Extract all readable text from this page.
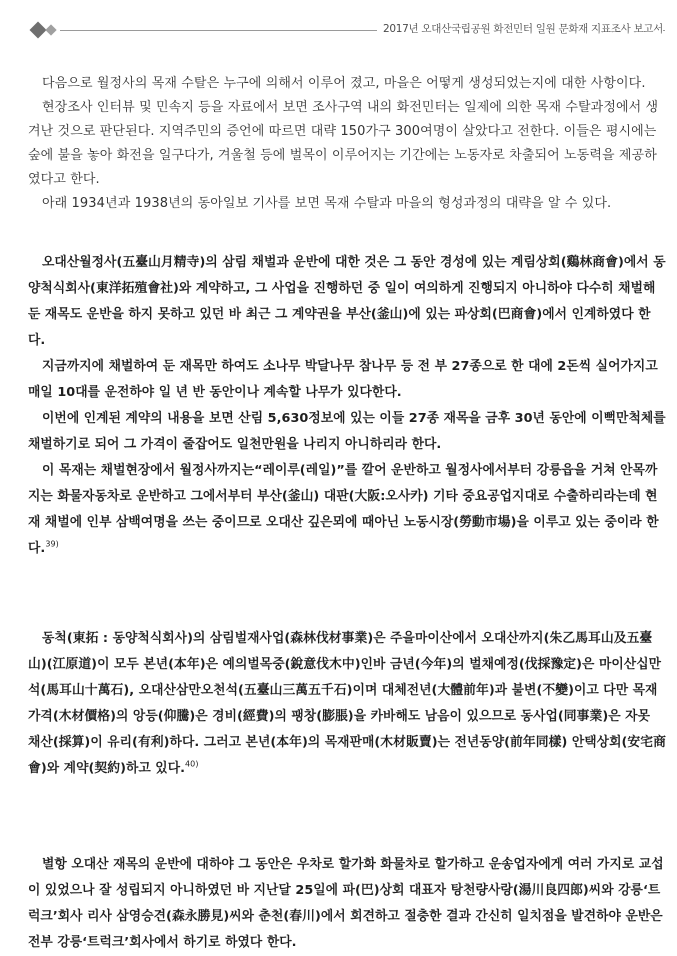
2017년 오대산국립공원 화전민터 일원 문화재 지표조사 보고서

다음으로 월정사의 목재 수탈은 누구에 의해서 이루어 졌고, 마을은 어떻게 생성되었는지에 대한 사항이다.

현장조사 인터뷰 및 민속지 등을 자료에서 보면 조사구역 내의 화전민터는 일제에 의한 목재 수탈과정에서 생겨난 것으로 판단된다. 지역주민의 증언에 따르면 대략 150가구 300여명이 살았다고 전한다. 이들은 평시에는 숲에 불을 놓아 화전을 일구다가, 겨울철 등에 벌목이 이루어지는 기간에는 노동자로 차출되어 노동력을 제공하였다고 한다.

아래 1934년과 1938년의 동아일보 기사를 보면 목재 수탈과 마을의 형성과정의 대략을 알 수 있다.

오대산월정사(五臺山月精寺)의 삼림 채벌과 운반에 대한 것은 그 동안 경성에 있는 계림상회(鷄林商會)에서 동양척식회사(東洋拓殖會社)와 계약하고, 그 사업을 진행하던 중 일이 여의하게 진행되지 아니하야 다수히 채벌해 둔 재목도 운반을 하지 못하고 있던 바 최근 그 계약권을 부산(釜山)에 있는 파상회(巴商會)에서 인계하였다 한다.

지금까지에 채벌하여 둔 재목만 하여도 소나무 박달나무 참나무 등 전 부 27종으로 한 대에 2돈씩 실어가지고 매일 10대를 운전하야 일 년 반 동안이나 계속할 나무가 있다한다.

이번에 인계된 계약의 내용을 보면 산림 5,630정보에 있는 이들 27종 재목을 금후 30년 동안에 이뻑만척체를 채벌하기로 되어 그 가격이 줄잡어도 일천만원을 나리지 아니하리라 한다.

이 목재는 채벌현장에서 월정사까지는“레이루(레일)”를 깔어 운반하고 월정사에서부터 강릉읍을 거쳐 안목까지는 화물자동차로 운반하고 그에서부터 부산(釜山) 대판(大阪:오사카) 기타 중요공업지대로 수출하리라는데 현재 채벌에 인부 삼백여명을 쓰는 중이므로 오대산 깊은뫼에 때아닌 노동시장(勞動市場)을 이루고 있는 중이라 한다.$^{39)}$

동척(東拓 : 동양척식회사)의 삼림벌재사업(森林伐材事業)은 주을마이산에서 오대산까지(朱乙馬耳山及五臺山)(江原道)이 모두 본년(本年)은 예의벌목중(銳意伐木中)인바 금년(今年)의 벌채예정(伐採豫定)은 마이산십만석(馬耳山十萬石), 오대산삼만오천석(五臺山三萬五千石)이며 대체전년(大體前年)과 불변(不變)이고 다만 목재가격(木材價格)의 앙등(仰騰)은 경비(經費)의 팽창(膨脹)을 카바해도 남음이 있으므로 동사업(同事業)은 자못 채산(採算)이 유리(有利)하다. 그러고 본년(本年)의 목재판매(木材販賣)는 전년동양(前年同樣) 안택상회(安宅商會)와 계약(契約)하고 있다.$^{40)}$

별항 오대산 재목의 운반에 대하야 그 동안은 우차로 할가화 화물차로 할가하고 운송업자에게 여러 가지로 교섭이 있었으나 잘 성립되지 아니하였던 바 지난달 25일에 파(巴)상회 대표자 탕천량사랑(湯川良四郎)씨와 강릉‘트럭크’회사 리사 삼영승견(森永勝見)씨와 춘천(春川)에서 회견하고 절충한 결과 간신히 일치점을 발견하야 운반은 전부 강릉‘트럭크’회사에서 하기로 하였다 한다.
